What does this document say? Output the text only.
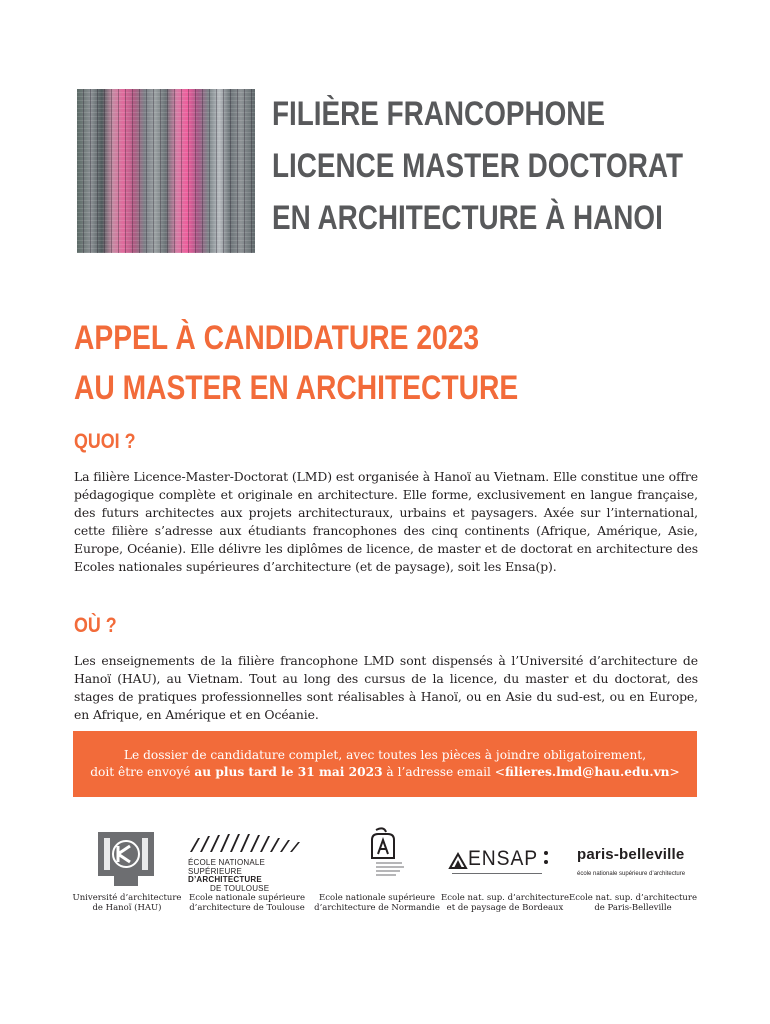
FILIÈRE FRANCOPHONE
LICENCE MASTER DOCTORAT
EN ARCHITECTURE À HANOI
APPEL À CANDIDATURE 2023
AU MASTER EN ARCHITECTURE
QUOI ?
La filière Licence-Master-Doctorat (LMD) est organisée à Hanoï au Vietnam. Elle constitue une offre pédagogique complète et originale en architecture. Elle forme, exclusivement en langue française, des futurs architectes aux projets architecturaux, urbains et paysagers. Axée sur l’international, cette filière s’adresse aux étudiants francophones des cinq continents (Afrique, Amérique, Asie, Europe, Océanie). Elle délivre les diplômes de licence, de master et de doctorat en architecture des Ecoles nationales supérieures d’architecture (et de paysage), soit les Ensa(p).
OÙ ?
Les enseignements de la filière francophone LMD sont dispensés à l’Université d’architecture de Hanoï (HAU), au Vietnam. Tout au long des cursus de la licence, du master et du doctorat, des stages de pratiques professionnelles sont réalisables à Hanoï, ou en Asie du sud-est, ou en Europe, en Afrique, en Amérique et en Océanie.
Le dossier de candidature complet, avec toutes les pièces à joindre obligatoirement,
doit être envoyé au plus tard le 31 mai 2023 à l’adresse email <filieres.lmd@hau.edu.vn>
Université d’architecture
de Hanoï (HAU)
ÉCOLE NATIONALE SUPÉRIEURE
D’ARCHITECTURE
DE TOULOUSE
Ecole nationale supérieure
d’architecture de Toulouse
Ecole nationale supérieure
d’architecture de Normandie
ENSAP
Ecole nat. sup. d’architecture
et de paysage de Bordeaux
paris-belleville
école nationale supérieure d’architecture
Ecole nat. sup. d’architecture
de Paris-Belleville
